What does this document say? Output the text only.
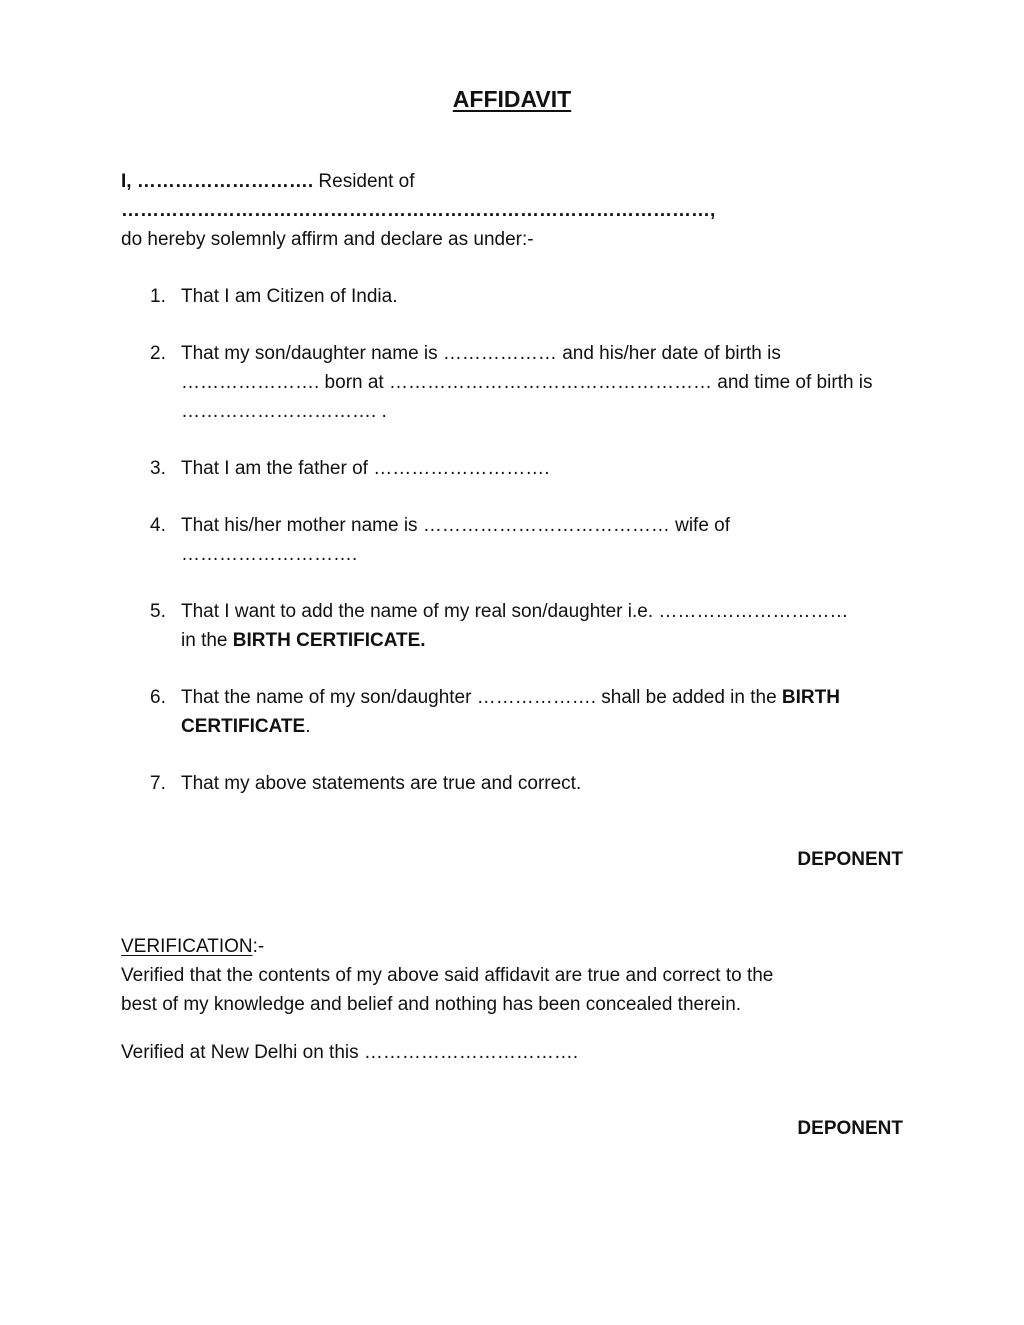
AFFIDAVIT
I, ………………………. Resident of
…………………………………………………………………………………,
do hereby solemnly affirm and declare as under:-
1. That I am Citizen of India.
2. That my son/daughter name is ……………… and his/her date of birth is
…………………. born at …………………………………………… and time of birth is
…………………………. .
3. That I am the father of ……………………….
4. That his/her mother name is ………………………………… wife of
……………………….
5. That I want to add the name of my real son/daughter i.e. …………………………
in the BIRTH CERTIFICATE.
6. That the name of my son/daughter ………………. shall be added in the BIRTH
CERTIFICATE.
7. That my above statements are true and correct.
DEPONENT
VERIFICATION:-
Verified that the contents of my above said affidavit are true and correct to the
best of my knowledge and belief and nothing has been concealed therein.
Verified at New Delhi on this …………………………….
DEPONENT
